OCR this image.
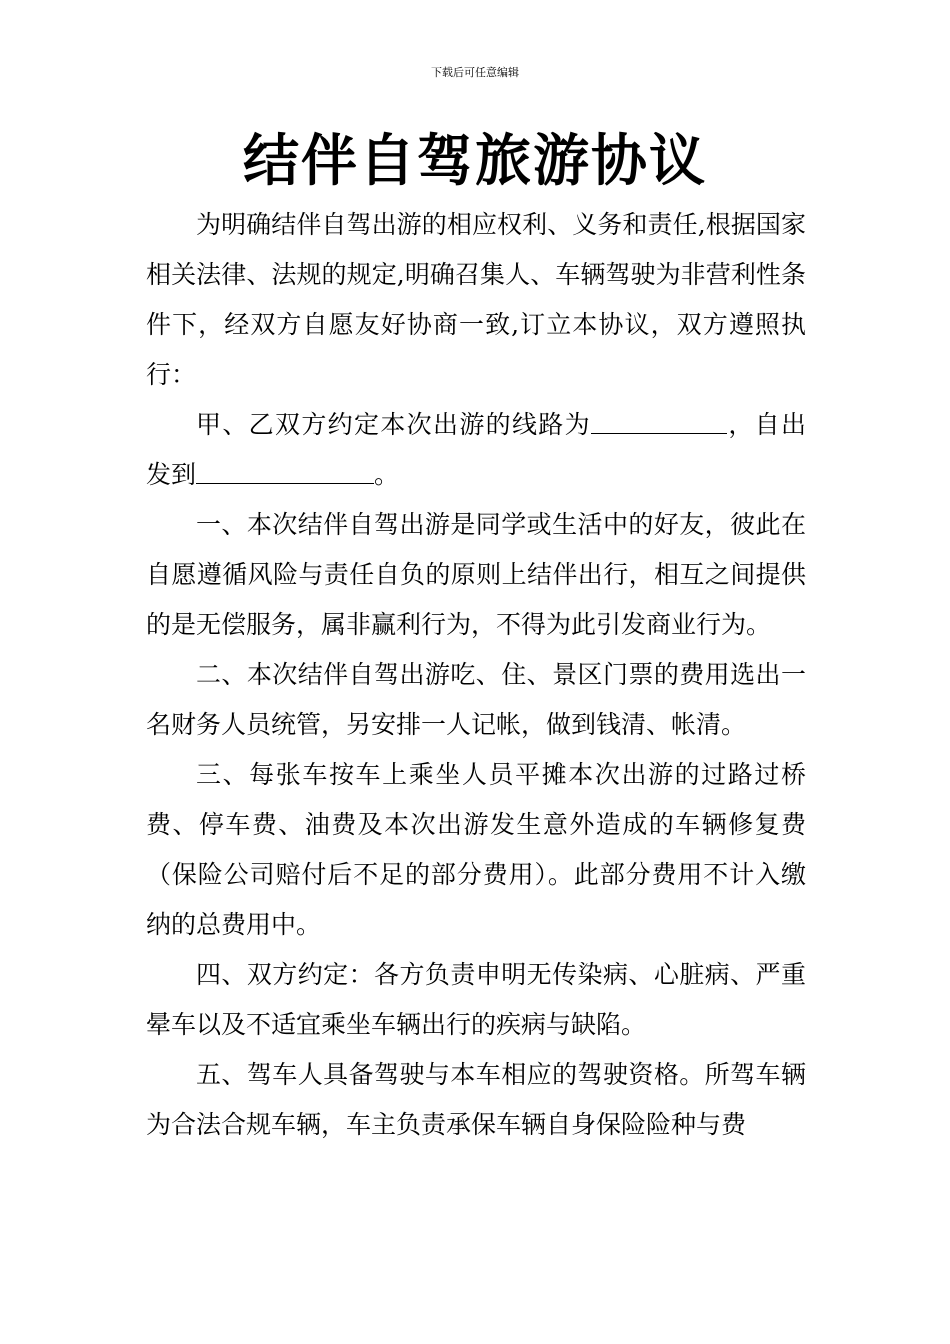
下载后可任意编辑
结伴自驾旅游协议

为明确结伴自驾出游的相应权利、义务和责任,根据国家相关法律、法规的规定,明确召集人、车辆驾驶为非营利性条件下，经双方自愿友好协商一致,订立本协议，双方遵照执行：

甲、乙双方约定本次出游的线路为	，自出发到	。

一、本次结伴自驾出游是同学或生活中的好友，彼此在自愿遵循风险与责任自负的原则上结伴出行，相互之间提供的是无偿服务，属非赢利行为，不得为此引发商业行为。

二、本次结伴自驾出游吃、住、景区门票的费用选出一名财务人员统管，另安排一人记帐，做到钱清、帐清。

三、每张车按车上乘坐人员平摊本次出游的过路过桥费、停车费、油费及本次出游发生意外造成的车辆修复费（保险公司赔付后不足的部分费用）。此部分费用不计入缴纳的总费用中。

四、双方约定：各方负责申明无传染病、心脏病、严重晕车以及不适宜乘坐车辆出行的疾病与缺陷。

五、驾车人具备驾驶与本车相应的驾驶资格。所驾车辆为合法合规车辆，车主负责承保车辆自身保险险种与费
